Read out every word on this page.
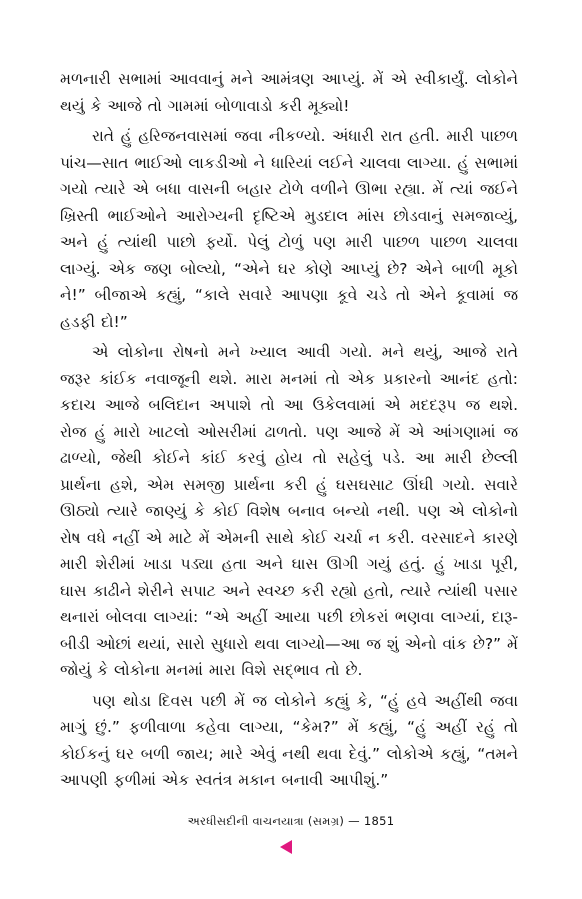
મળનારી સભામાં આવવાનું મને આમંત્રણ આપ્યું. મેં એ સ્વીકાર્યું. લોકોને થયું કે આજે તો ગામમાં બોળાવાડો કરી મૂક્યો!

રાતે હું હરિજનવાસમાં જવા નીકળ્યો. અંધારી રાત હતી. મારી પાછળ પાંચ—સાત ભાઈઓ લાકડીઓ ને ધારિયાં લઈને ચાલવા લાગ્યા. હું સભામાં ગયો ત્યારે એ બધા વાસની બહાર ટોળે વળીને ઊભા રહ્યા. મેં ત્યાં જઈને ખ્રિસ્તી ભાઈઓને આરોગ્યની દૃષ્ટિએ મુડદાલ માંસ છોડવાનું સમજાવ્યું, અને હું ત્યાંથી પાછો ફર્યો. પેલું ટોળું પણ મારી પાછળ પાછળ ચાલવા લાગ્યું. એક જણ બોલ્યો, “એને ઘર કોણે આપ્યું છે? એને બાળી મૂકો ને!” બીજાએ કહ્યું, “કાલે સવારે આપણા કૂવે ચડે તો એને કૂવામાં જ હડફી દો!”

એ લોકોના રોષનો મને ખ્યાલ આવી ગયો. મને થયું, આજે રાતે જરૂર કાંઈક નવાજૂની થશે. મારા મનમાં તો એક પ્રકારનો આનંદ હતો: કદાચ આજે બલિદાન અપાશે તો આ ઉકેલવામાં એ મદદરૂપ જ થશે. રોજ હું મારો ખાટલો ઓસરીમાં ઢાળતો. પણ આજે મેં એ આંગણામાં જ ઢાળ્યો, જેથી કોઈને કાંઈ કરવું હોય તો સહેલું પડે. આ મારી છેલ્લી પ્રાર્થના હશે, એમ સમજી પ્રાર્થના કરી હું ઘસઘસાટ ઊંઘી ગયો. સવારે ઊઠ્યો ત્યારે જાણ્યું કે કોઈ વિશેષ બનાવ બન્યો નથી. પણ એ લોકોનો રોષ વધે નહીં એ માટે મેં એમની સાથે કોઈ ચર્ચા ન કરી. વરસાદને કારણે મારી શેરીમાં ખાડા પડ્યા હતા અને ઘાસ ઊગી ગયું હતું. હું ખાડા પૂરી, ઘાસ કાઢીને શેરીને સપાટ અને સ્વચ્છ કરી રહ્યો હતો, ત્યારે ત્યાંથી પસાર થનારાં બોલવા લાગ્યાં: “એ અહીં આયા પછી છોકરાં ભણવા લાગ્યાં, દારૂ-બીડી ઓછાં થયાં, સારો સુધારો થવા લાગ્યો—આ જ શું એનો વાંક છે?” મેં જોયું કે લોકોના મનમાં મારા વિશે સદ્ભાવ તો છે.

પણ થોડા દિવસ પછી મેં જ લોકોને કહ્યું કે, “હું હવે અહીંથી જવા માગું છું.” ફળીવાળા કહેવા લાગ્યા, “કેમ?” મેં કહ્યું, “હું અહીં રહું તો કોઈકનું ઘર બળી જાય; મારે એવું નથી થવા દેવું.” લોકોએ કહ્યું, “તમને આપણી ફળીમાં એક સ્વતંત્ર મકાન બનાવી આપીશું.”

અરધીસદીની વાચનયાત્રા (સમગ્ર) — 1851
